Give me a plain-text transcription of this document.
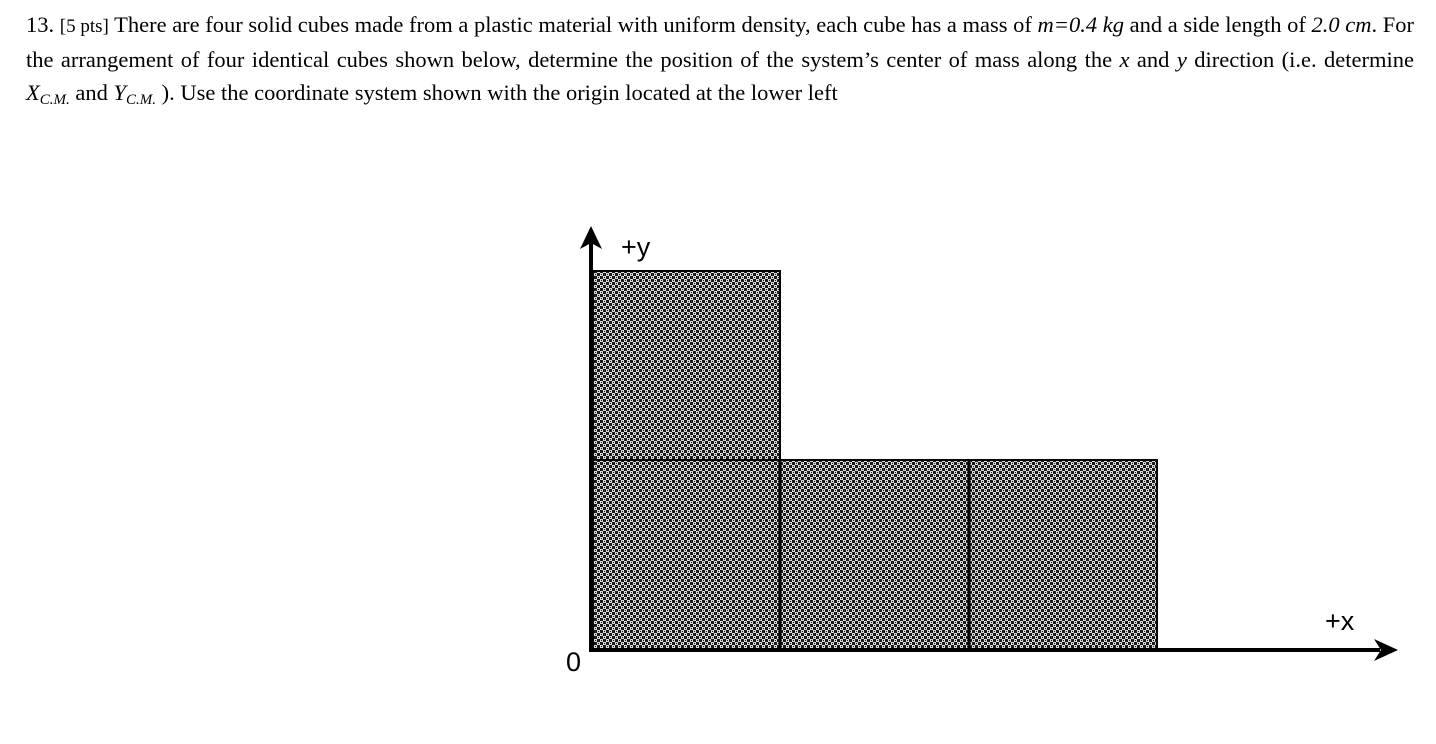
13. [5 pts] There are four solid cubes made from a plastic material with uniform density, each cube has a mass of m=0.4 kg and a side length of 2.0 cm. For the arrangement of four identical cubes shown below, determine the position of the system’s center of mass along the x and y direction (i.e. determine $X_{C.M.}$ and $Y_{C.M.}$ ). Use the coordinate system shown with the origin located at the lower left
+y
+x
0
